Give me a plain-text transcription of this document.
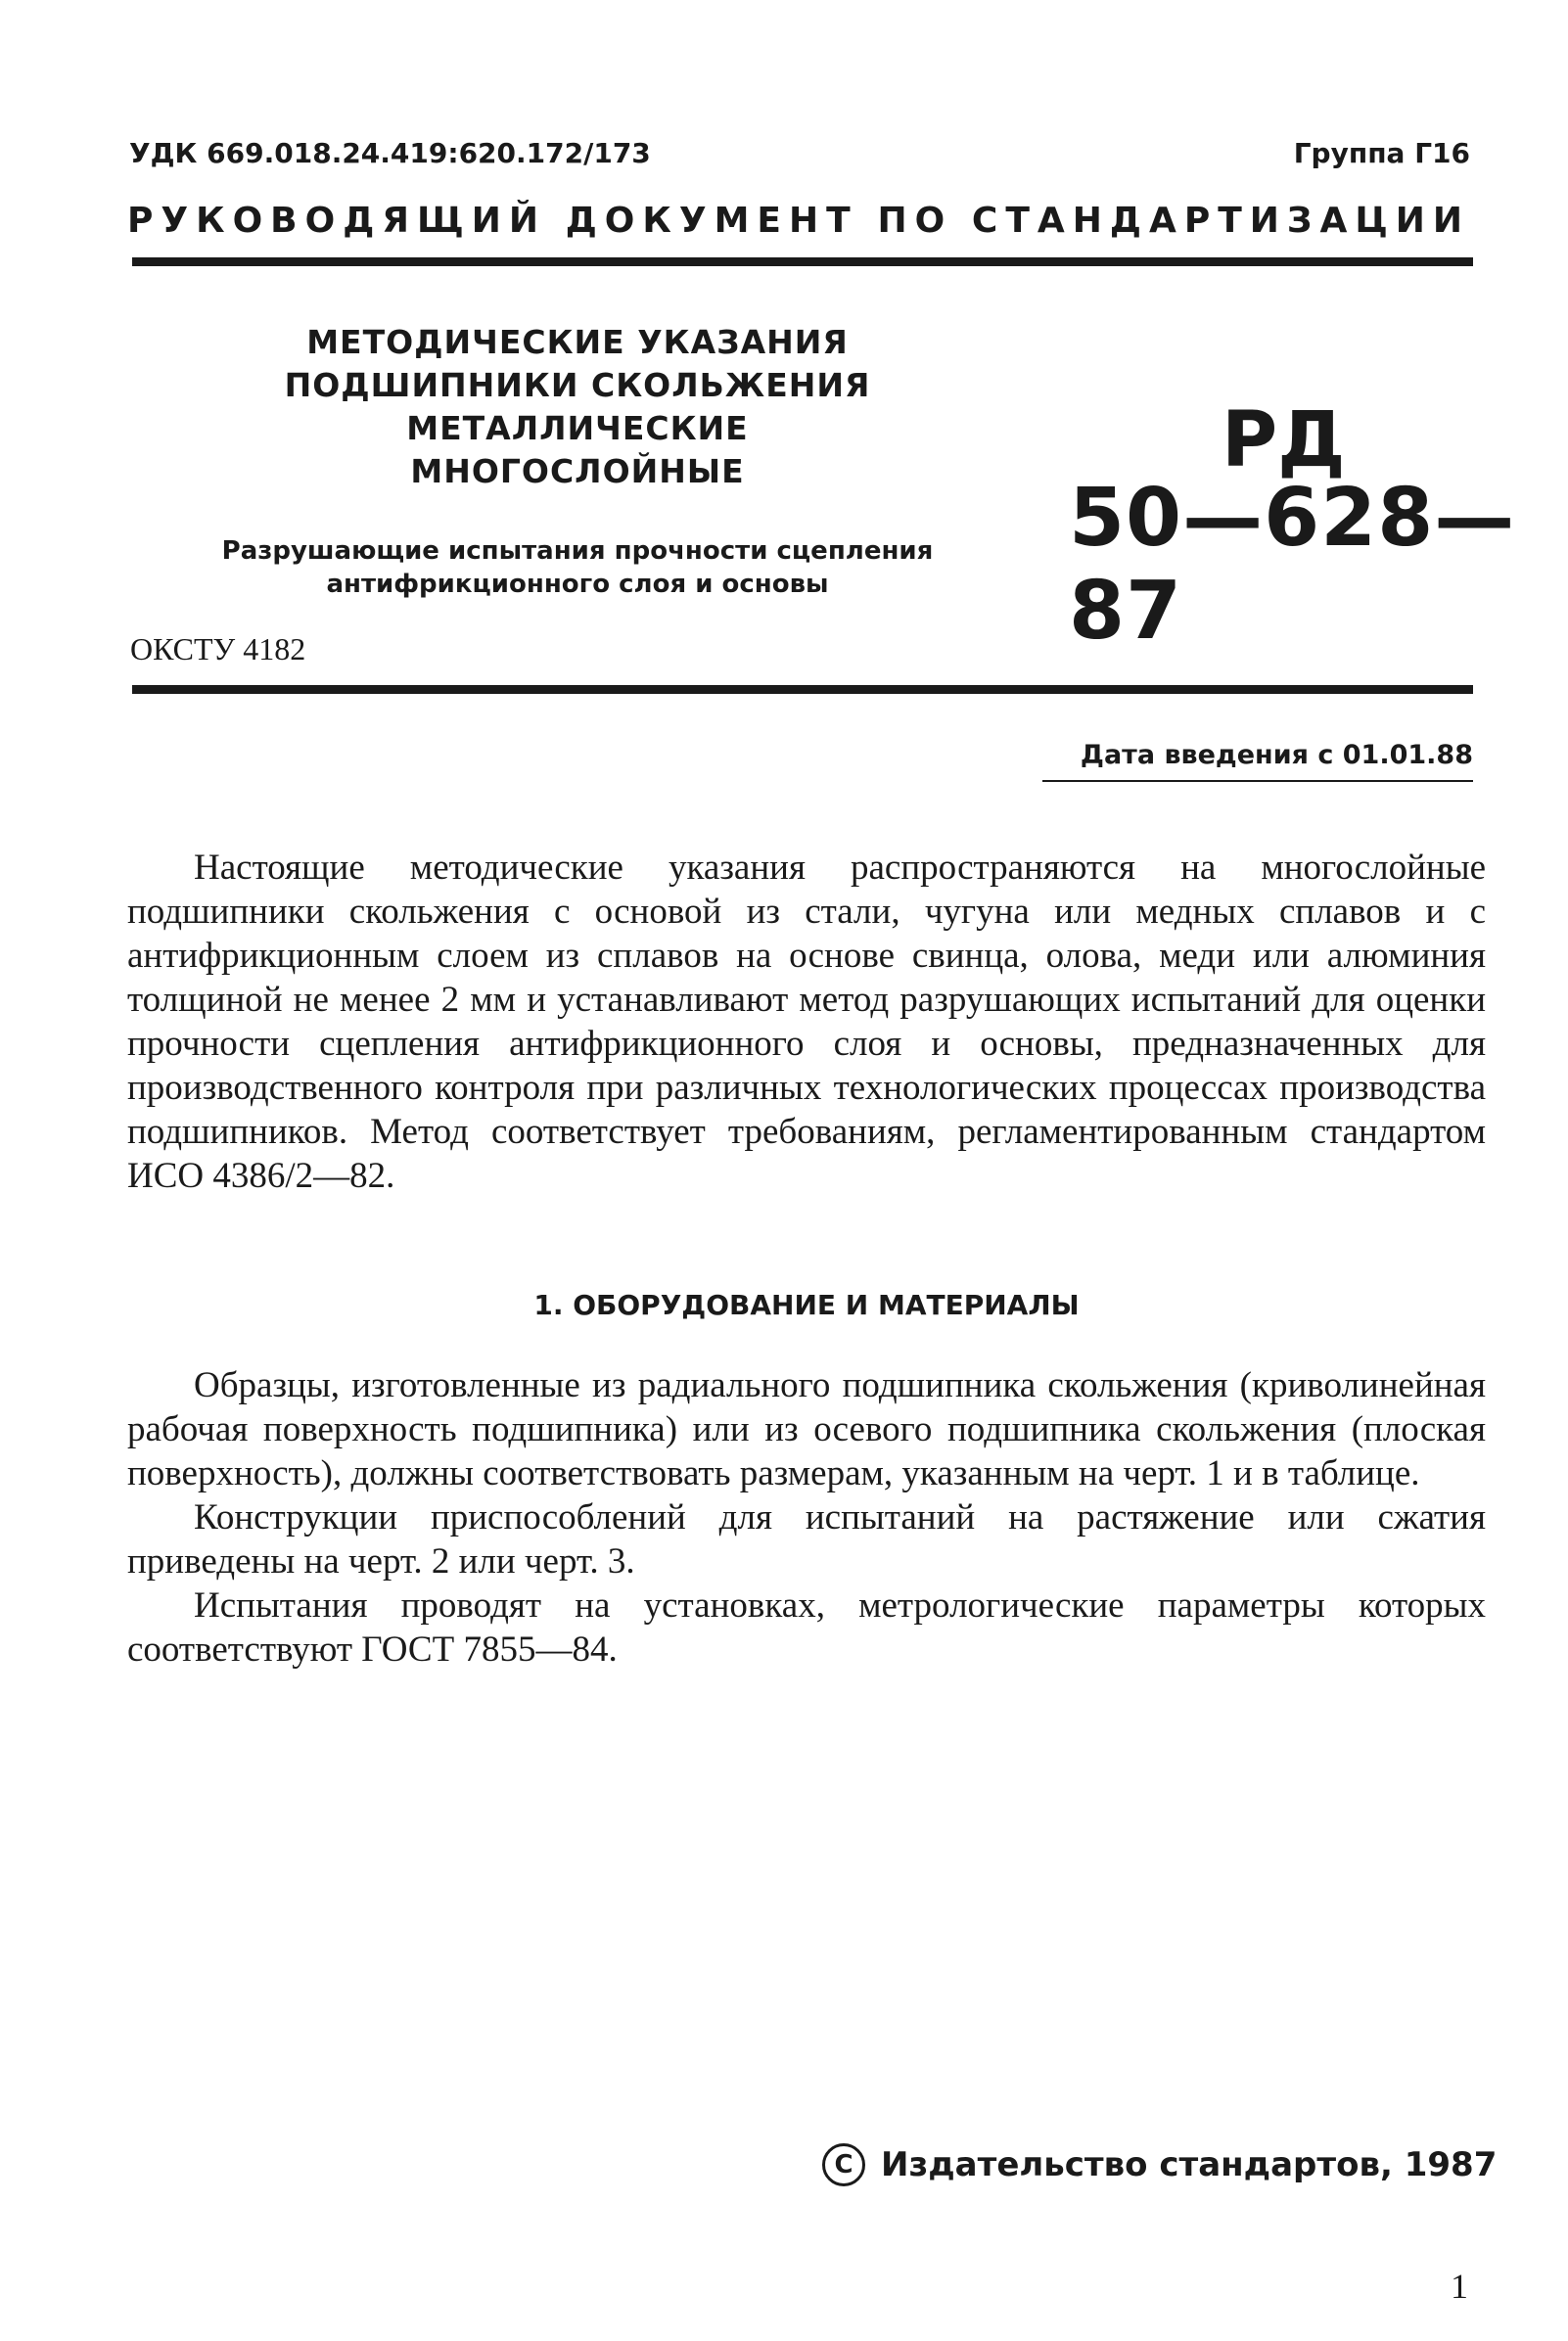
УДК 669.018.24.419:620.172/173	Группа Г16
РУКОВОДЯЩИЙ ДОКУМЕНТ ПО СТАНДАРТИЗАЦИИ
МЕТОДИЧЕСКИЕ УКАЗАНИЯ
ПОДШИПНИКИ СКОЛЬЖЕНИЯ МЕТАЛЛИЧЕСКИЕ
МНОГОСЛОЙНЫЕ
Разрушающие испытания прочности сцепления
антифрикционного слоя и основы
РД
50—628—87
ОКСТУ 4182
Дата введения с 01.01.88

Настоящие методические указания распространяются на многослойные подшипники скольжения с основой из стали, чугуна или медных сплавов и с антифрикционным слоем из сплавов на основе свинца, олова, меди или алюминия толщиной не менее 2 мм и устанавливают метод разрушающих испытаний для оценки прочности сцепления антифрикционного слоя и основы, предназначенных для производственного контроля при различных технологических процессах производства подшипников. Метод соответствует требованиям, регламентированным стандартом ИСО 4386/2—82.

1. ОБОРУДОВАНИЕ И МАТЕРИАЛЫ

Образцы, изготовленные из радиального подшипника скольжения (криволинейная рабочая поверхность подшипника) или из осевого подшипника скольжения (плоская поверхность), должны соответствовать размерам, указанным на черт. 1 и в таблице.

Конструкции приспособлений для испытаний на растяжение или сжатия приведены на черт. 2 или черт. 3.

Испытания проводят на установках, метрологические параметры которых соответствуют ГОСТ 7855—84.

C Издательство стандартов, 1987
1
